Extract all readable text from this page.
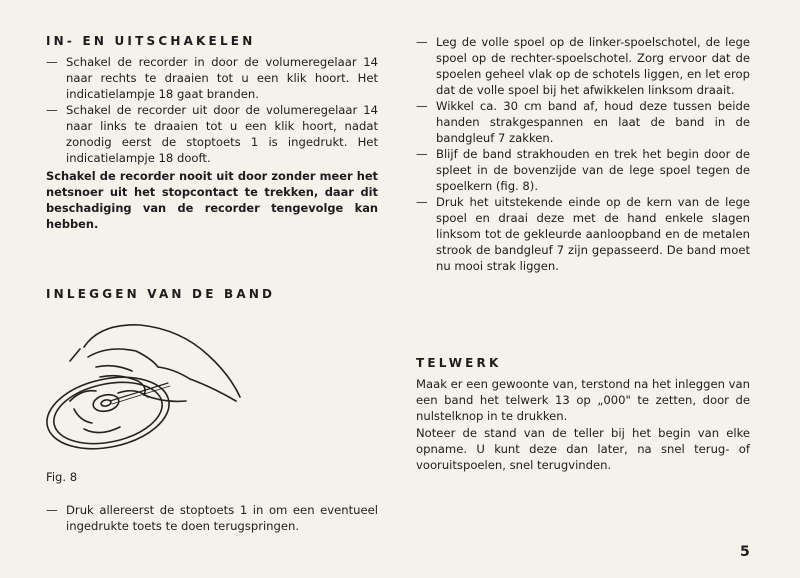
IN- EN UITSCHAKELEN

— Schakel de recorder in door de volumeregelaar 14 naar rechts te draaien tot u een klik hoort. Het indicatielampje 18 gaat branden.

— Schakel de recorder uit door de volumeregelaar 14 naar links te draaien tot u een klik hoort, nadat zonodig eerst de stoptoets 1 is ingedrukt. Het indicatielampje 18 dooft.

Schakel de recorder nooit uit door zonder meer het netsnoer uit het stopcontact te trekken, daar dit beschadiging van de recorder tengevolge kan hebben.

INLEGGEN VAN DE BAND
Fig. 8

— Druk allereerst de stoptoets 1 in om een eventueel ingedrukte toets te doen terugspringen.

— Leg de volle spoel op de linker-spoelschotel, de lege spoel op de rechter-spoelschotel. Zorg ervoor dat de spoelen geheel vlak op de schotels liggen, en let erop dat de volle spoel bij het afwikkelen linksom draait.

— Wikkel ca. 30 cm band af, houd deze tussen beide handen strakgespannen en laat de band in de bandgleuf 7 zakken.

— Blijf de band strakhouden en trek het begin door de spleet in de bovenzijde van de lege spoel tegen de spoelkern (fig. 8).

— Druk het uitstekende einde op de kern van de lege spoel en draai deze met de hand enkele slagen linksom tot de gekleurde aanloopband en de metalen strook de bandgleuf 7 zijn gepasseerd. De band moet nu mooi strak liggen.

TELWERK

Maak er een gewoonte van, terstond na het inleggen van een band het telwerk 13 op „000" te zetten, door de nulstelknop in te drukken.

Noteer de stand van de teller bij het begin van elke opname. U kunt deze dan later, na snel terug- of vooruitspoelen, snel terugvinden.

5
